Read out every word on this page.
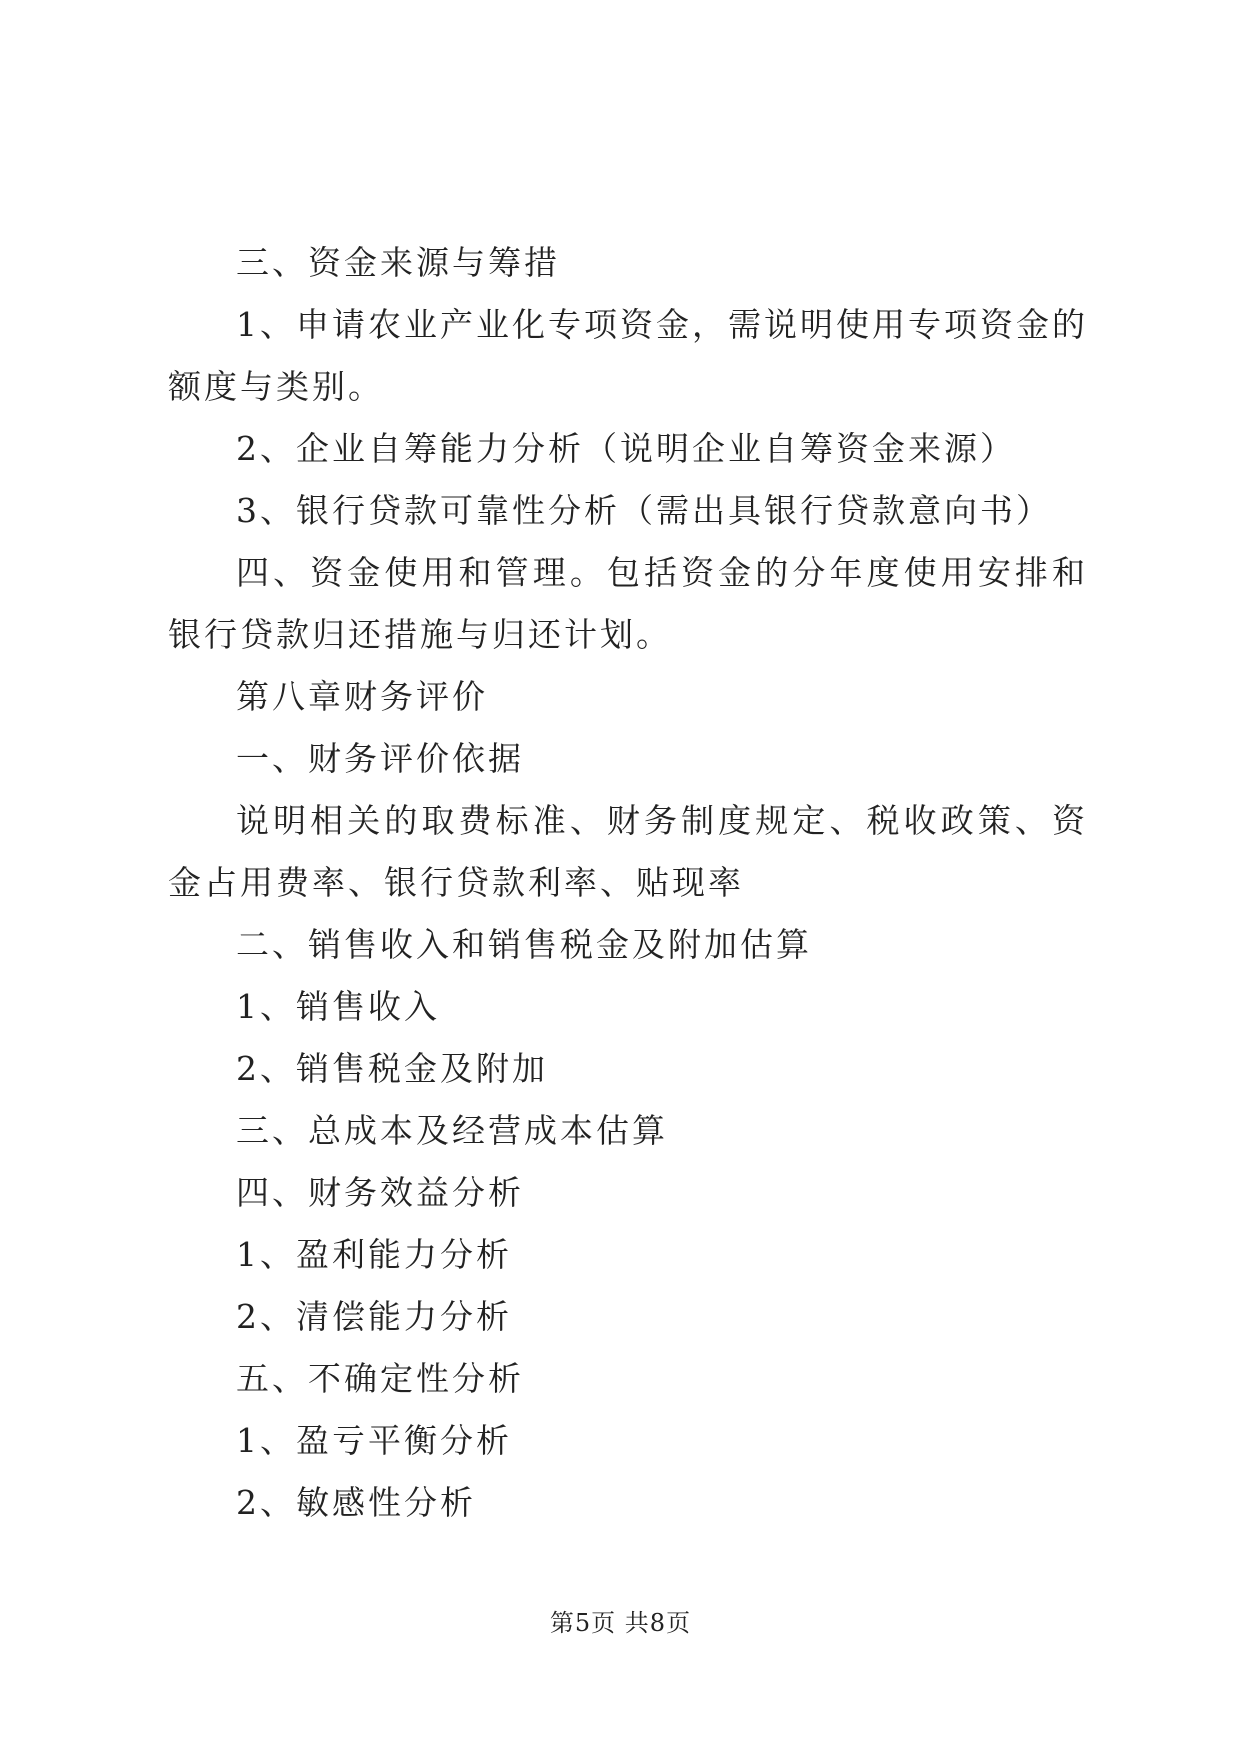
三、资金来源与筹措

1、申请农业产业化专项资金，需说明使用专项资金的额度与类别。

2、企业自筹能力分析（说明企业自筹资金来源）

3、银行贷款可靠性分析（需出具银行贷款意向书）

四、资金使用和管理。包括资金的分年度使用安排和银行贷款归还措施与归还计划。

第八章财务评价

一、财务评价依据

说明相关的取费标准、财务制度规定、税收政策、资金占用费率、银行贷款利率、贴现率

二、销售收入和销售税金及附加估算

1、销售收入

2、销售税金及附加

三、总成本及经营成本估算

四、财务效益分析

1、盈利能力分析

2、清偿能力分析

五、不确定性分析

1、盈亏平衡分析

2、敏感性分析

第5页 共8页
